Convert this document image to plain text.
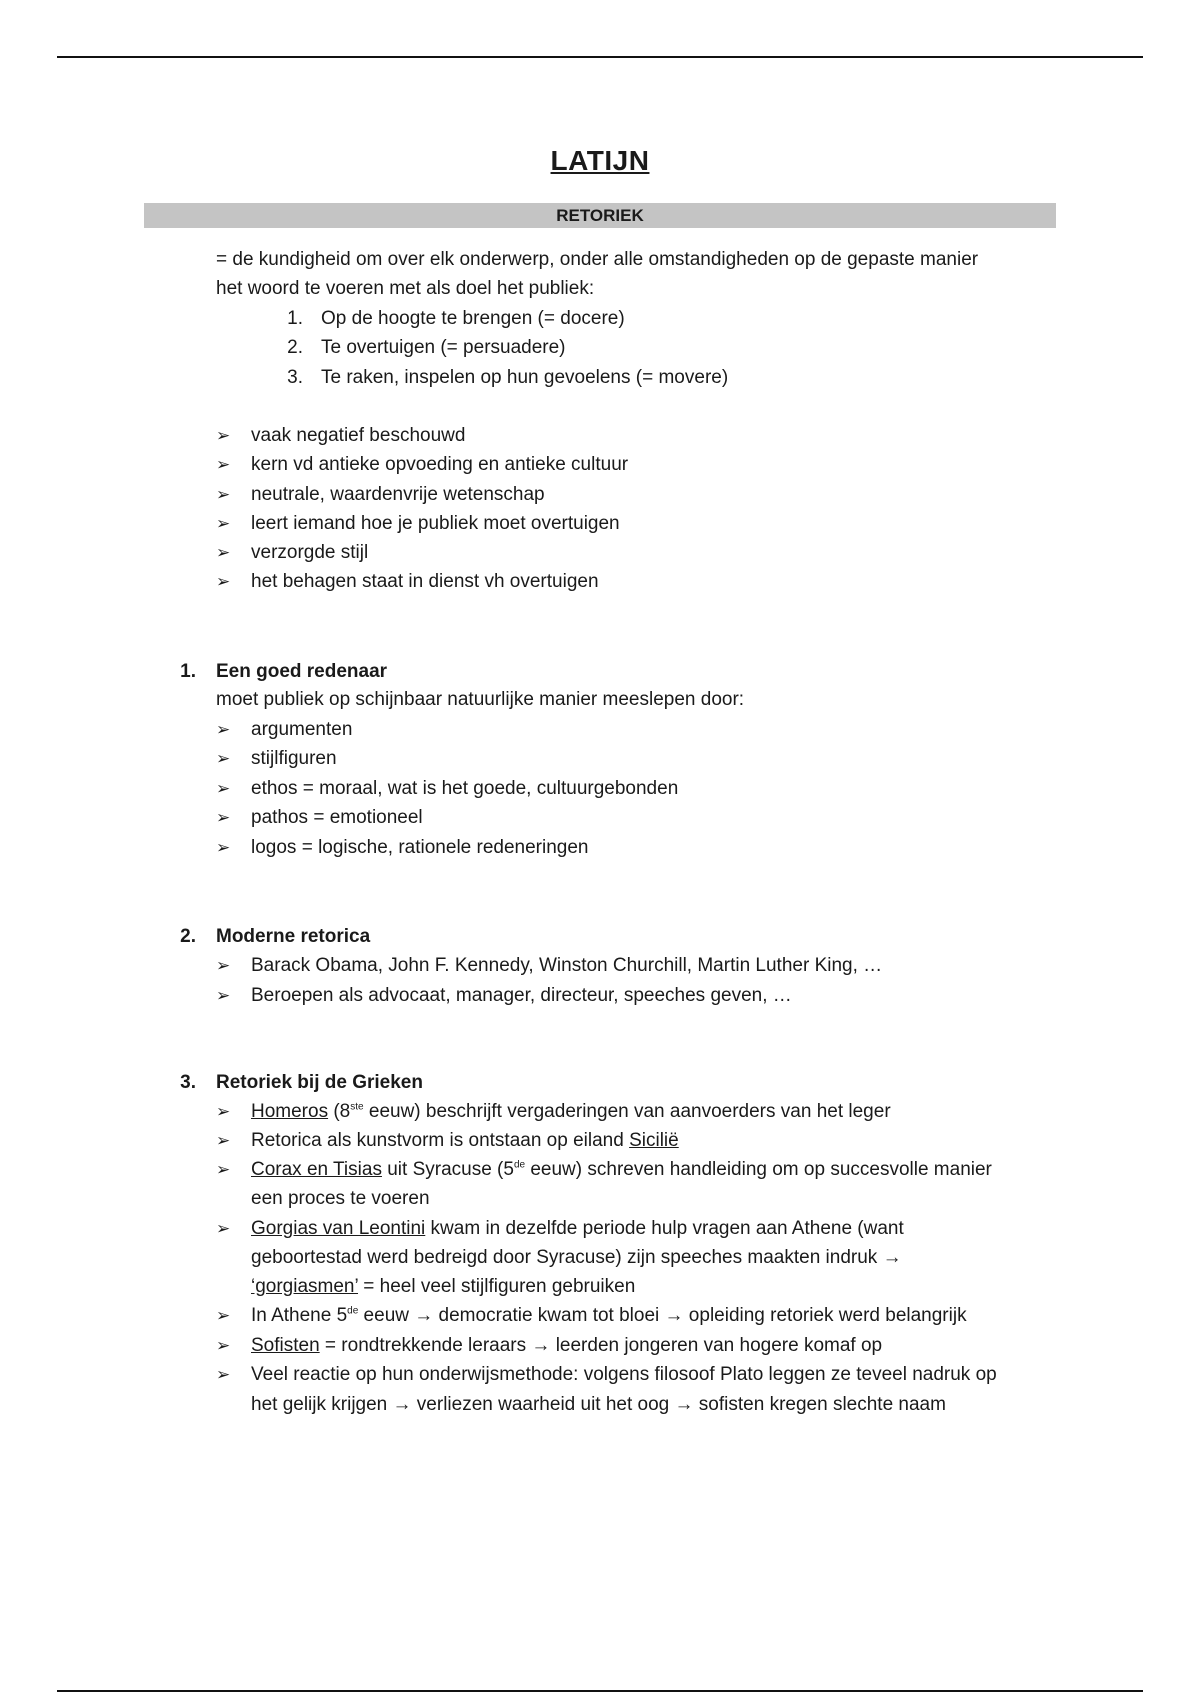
LATIJN
RETORIEK
= de kundigheid om over elk onderwerp, onder alle omstandigheden op de gepaste manier
het woord te voeren met als doel het publiek:
1. Op de hoogte te brengen (= docere)
2. Te overtuigen (= persuadere)
3. Te raken, inspelen op hun gevoelens (= movere)
➢	vaak negatief beschouwd
➢	kern vd antieke opvoeding en antieke cultuur
➢	neutrale, waardenvrije wetenschap
➢	leert iemand hoe je publiek moet overtuigen
➢	verzorgde stijl
➢	het behagen staat in dienst vh overtuigen
1. Een goed redenaar
moet publiek op schijnbaar natuurlijke manier meeslepen door:
➢	argumenten
➢	stijlfiguren
➢	ethos = moraal, wat is het goede, cultuurgebonden
➢	pathos = emotioneel
➢	logos = logische, rationele redeneringen
2. Moderne retorica
➢	Barack Obama, John F. Kennedy, Winston Churchill, Martin Luther King, …
➢	Beroepen als advocaat, manager, directeur, speeches geven, …
3. Retoriek bij de Grieken
➢	Homeros (8ste eeuw) beschrijft vergaderingen van aanvoerders van het leger
➢	Retorica als kunstvorm is ontstaan op eiland Sicilië
➢	Corax en Tisias uit Syracuse (5de eeuw) schreven handleiding om op succesvolle manier
een proces te voeren
➢	Gorgias van Leontini kwam in dezelfde periode hulp vragen aan Athene (want
geboortestad werd bedreigd door Syracuse) zijn speeches maakten indruk →
‘gorgiasmen’ = heel veel stijlfiguren gebruiken
➢	In Athene 5de eeuw → democratie kwam tot bloei → opleiding retoriek werd belangrijk
➢	Sofisten = rondtrekkende leraars → leerden jongeren van hogere komaf op
➢	Veel reactie op hun onderwijsmethode: volgens filosoof Plato leggen ze teveel nadruk op
het gelijk krijgen → verliezen waarheid uit het oog → sofisten kregen slechte naam
